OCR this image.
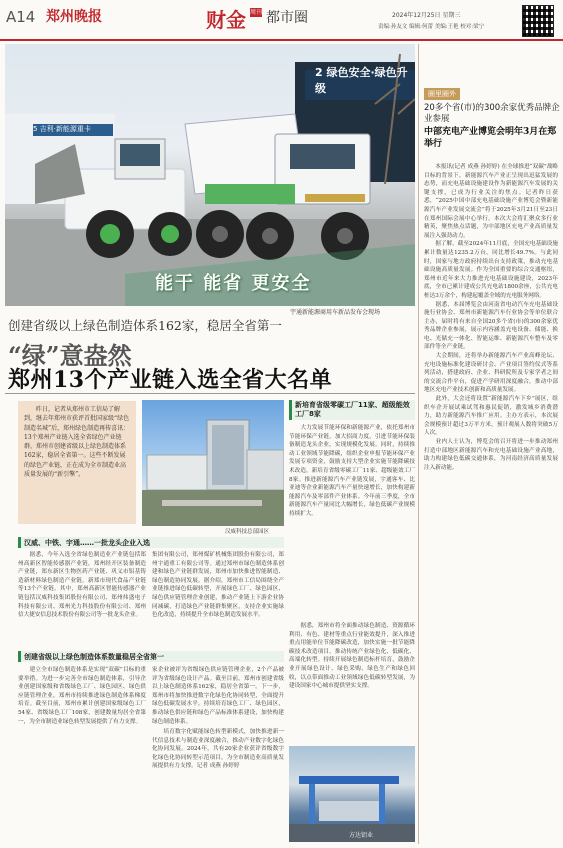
A14 郑州晚报	财金 周刊 都市圈	2024年12月25日 星期三
责编:孙友文 编辑:何蕾 美编:王艳 校对:梁宁
2 绿色安全·绿色升级
5 吉利·新能源重卡
能干 能省 更安全
宇通新能源商用车新品发布会现场
创建省级以上绿色制造体系162家，稳居全省第一
“绿”意盎然
郑州13个产业链入选全省大名单
　　昨日，记者从郑州市工信局了解到，继去年郑州市获评首批国家级“绿色制造名城”后，郑州绿色制造再传喜讯：13个郑州产业链入选全省绿色产业链群，郑州市创建省级以上绿色制造体系162家，稳居全省第一。这些不断发展的绿色产业链，正在成为全市制造业高质量发展的“新引擎”。
汉威科技总部园区
汉威、中铁、宇通……一批龙头企业入选
　　据悉，今年入选全省绿色制造业产业链包括郑州高新区智能传感器产业链，郑州经开区装备制造产业链，郑东新区生物医药产业链、巩义市铝基铸造新材料绿色制造产业链，新郑市现代食品产业链等13个产业链。其中，郑州高新区智能传感器产业链包括汉威科技集团股份有限公司、郑州炜盛电子科技有限公司、郑州光力科技股份有限公司、郑州信大捷安信息技术股份有限公司等一批龙头企业。
集团有限公司，郑州煤矿机械集团股份有限公司，郑州宇通重工有限公司等。通过郑州市绿色制造体系创建和绿色产业链群发展，郑州市加快推进智能制造、绿色制造协同发展。据介绍，郑州市工信局围绕全产业链推进绿色低碳转型，开展绿色工厂、绿色园区、绿色供应链管理企业创建，推动产业链上下游企业协同减碳，打造绿色产业链群集聚区，支持企业实施绿色化改造，持续提升全市绿色制造发展水平。
创建省级以上绿色制造体系数量稳居全省第一
　　建立全市绿色制造体系是实现“双碳”目标的重要举措。为进一步完善全市绿色制造体系，引导企业创建国家级和省级绿色工厂、绿色园区、绿色供应链管理企业，郑州市持续推进绿色制造体系梯度培育。截至目前，郑州市累计创建国家级绿色工厂54家、省级绿色工厂108家，创建数量均居全省第一，为全市制造业绿色转型发展提供了有力支撑。
家企业被评为省级绿色供应链管理企业，2个产品被评为省级绿色设计产品。截至目前，郑州市创建省级以上绿色制造体系162家，稳居全省第一。下一步，郑州市将加快推进数字化绿色化协同转型，全面提升绿色低碳发展水平，持续培育绿色工厂、绿色园区，推动绿色供应链和绿色产品标准体系建设，加快构建绿色制造体系。
　　培育数字化赋能绿色转型新模式，加快推进新一代信息技术与制造业深度融合，推动产业数字化绿色化协同发展。2024年，共有20家企业获评省级数字化绿色化协同转型示范项目，为全市制造业高质量发展提供有力支撑。记者 成燕 孙婷婷
新培育省级零碳工厂11家、超级能效工厂8家
　　大力发展节能环保和新能源产业，依托郑州市节能环保产业链，加大招商力度，引进节能环保装备制造龙头企业，实现规模化发展。同时，持续推动工业领域节能降碳，组织企业申报节能环保产业发展专项资金，鼓励支持大型企业实施节能降碳技术改造，新培育省级零碳工厂11家、超级能效工厂8家。推进新能源汽车产业链发展，宇通客车、比亚迪等企业新能源汽车产量快速增长，加快构建新能源汽车及零部件产业体系。今年前三季度，全市新能源汽车产量同比大幅增长，绿色低碳产业规模持续扩大。
　　据悉，郑州市将全面推动绿色制造、资源循环利用、有色、建材等重点行业能效提升，深入推进重点用能单位节能降碳改造，加快实施一批节能降碳技术改造项目，推动传统产业绿色化、低碳化、高端化转型。持续开展绿色制造标杆培育，鼓励企业开展绿色设计、绿色采购、绿色生产和绿色回收，以点带面推动工业领域绿色低碳转型发展，为建设国家中心城市提供坚实支撑。
方达铝业
圈里圈外
20多个省(市)的300余家优秀品牌企业参展
中部充电产业博览会明年3月在郑举行
　　本报讯(记者 成燕 孙婷婷) 在全球推进“双碳”战略目标的背景下，新能源汽车产业正呈现出迅猛发展的态势，而充电基础设施建设作为新能源汽车发展的关键支撑，已成为行业关注的焦点。记者昨日获悉，“2025中国中部充电基础设施产业博览会暨新能源汽车产业发展交流会”将于2025年3月21日至23日在郑州国际会展中心举行。本次大会将汇聚众多行业精英，聚焦热点话题，为中部地区充电产业高质量发展注入强劲动力。
　　据了解，截至2024年11月底，全国充电基础设施累计数量达1235.2万台，同比增长49.7%。与此同时，国家与地方政府持续出台支持政策，推动充电基础设施高质量发展。作为全国重要的综合交通枢纽，郑州市近年来大力推进充电基础设施建设，2023年底，全市已累计建成公共充电站1800余座，公共充电桩达3万余个，构建起覆盖全域的充电服务网络。
　　据悉，本届博览会由河南省电动汽车充电基础设施行业协会、郑州市新能源汽车行业协会等单位联合主办，届时将有来自全国20多个省(市)的300余家优秀品牌企业参展，展示内容涵盖充电设备、储能、换电、光储充一体化、智能运维、新能源汽车整车及零部件等全产业链。
　　大会期间，还将举办新能源汽车产业高峰论坛、充电设施标准化建设研讨会、产业项目签约仪式等系列活动，搭建政府、企业、科研院所及专家学者之间的交流合作平台，促进产学研用深度融合，推动中部地区充电产业技术创新和高质量发展。
　　此外，大会还将设置“新能源汽车下乡”展区，组织车企开展试乘试驾和惠民促销，激发城乡消费潜力，助力新能源汽车推广应用。主办方表示，本次展会规模预计超过3万平方米，预计观展人数将突破5万人次。
　　业内人士认为，博览会的召开将进一步推动郑州打造中部地区新能源汽车和充电基础设施产业高地，助力构建绿色低碳交通体系，为河南经济高质量发展注入新动能。
